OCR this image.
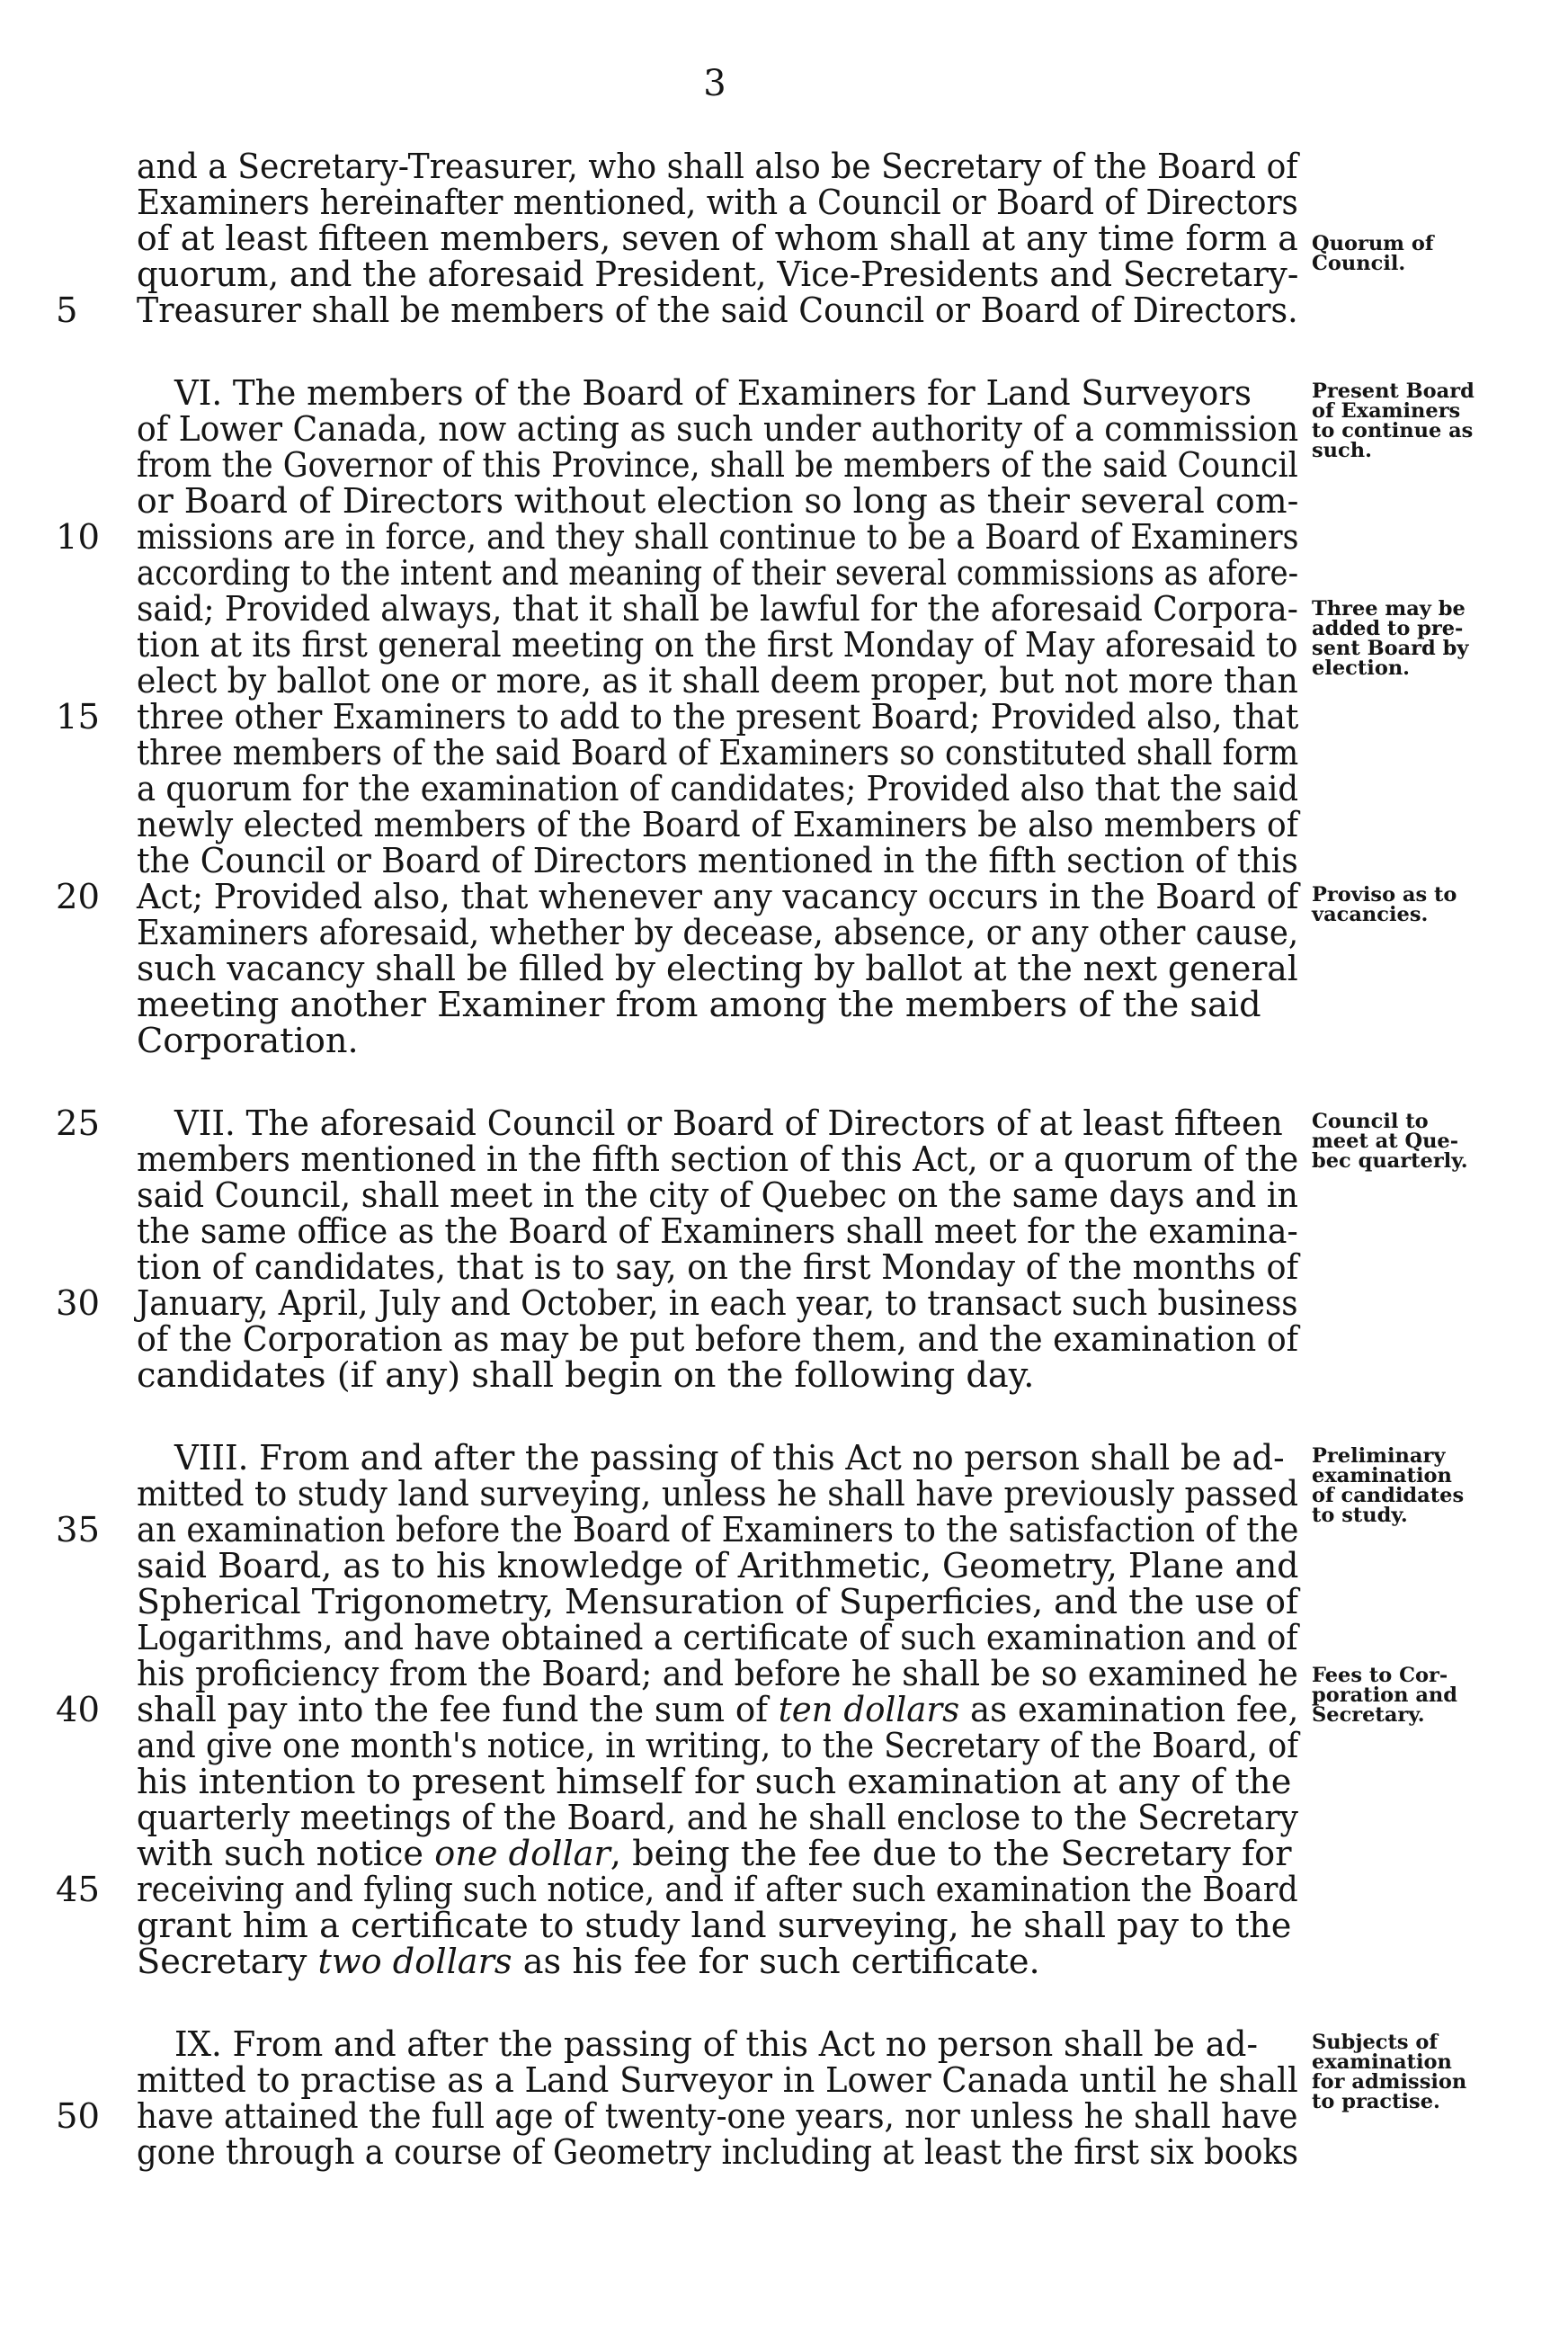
3
and a Secretary-Treasurer, who shall also be Secretary of the Board of
Examiners hereinafter mentioned, with a Council or Board of Directors
of at least fifteen members, seven of whom shall at any time form a
quorum, and the aforesaid President, Vice-Presidents and Secretary-
Treasurer shall be members of the said Council or Board of Directors.
VI. The members of the Board of Examiners for Land Surveyors
of Lower Canada, now acting as such under authority of a commission
from the Governor of this Province, shall be members of the said Council
or Board of Directors without election so long as their several com-
missions are in force, and they shall continue to be a Board of Examiners
according to the intent and meaning of their several commissions as afore-
said; Provided always, that it shall be lawful for the aforesaid Corpora-
tion at its first general meeting on the first Monday of May aforesaid to
elect by ballot one or more, as it shall deem proper, but not more than
three other Examiners to add to the present Board; Provided also, that
three members of the said Board of Examiners so constituted shall form
a quorum for the examination of candidates; Provided also that the said
newly elected members of the Board of Examiners be also members of
the Council or Board of Directors mentioned in the fifth section of this
Act; Provided also, that whenever any vacancy occurs in the Board of
Examiners aforesaid, whether by decease, absence, or any other cause,
such vacancy shall be filled by electing by ballot at the next general
meeting another Examiner from among the members of the said
Corporation.
VII. The aforesaid Council or Board of Directors of at least fifteen
members mentioned in the fifth section of this Act, or a quorum of the
said Council, shall meet in the city of Quebec on the same days and in
the same office as the Board of Examiners shall meet for the examina-
tion of candidates, that is to say, on the first Monday of the months of
January, April, July and October, in each year, to transact such business
of the Corporation as may be put before them, and the examination of
candidates (if any) shall begin on the following day.
VIII. From and after the passing of this Act no person shall be ad-
mitted to study land surveying, unless he shall have previously passed
an examination before the Board of Examiners to the satisfaction of the
said Board, as to his knowledge of Arithmetic, Geometry, Plane and
Spherical Trigonometry, Mensuration of Superficies, and the use of
Logarithms, and have obtained a certificate of such examination and of
his proficiency from the Board; and before he shall be so examined he
shall pay into the fee fund the sum of ten dollars as examination fee,
and give one month's notice, in writing, to the Secretary of the Board, of
his intention to present himself for such examination at any of the
quarterly meetings of the Board, and he shall enclose to the Secretary
with such notice one dollar, being the fee due to the Secretary for
receiving and fyling such notice, and if after such examination the Board
grant him a certificate to study land surveying, he shall pay to the
Secretary two dollars as his fee for such certificate.
IX. From and after the passing of this Act no person shall be ad-
mitted to practise as a Land Surveyor in Lower Canada until he shall
have attained the full age of twenty-one years, nor unless he shall have
gone through a course of Geometry including at least the first six books
5
10
15
20
25
30
35
40
45
50
Quorum of
Council.
Present Board
of Examiners
to continue as
such.
Three may be
added to pre-
sent Board by
election.
Proviso as to
vacancies.
Council to
meet at Que-
bec quarterly.
Preliminary
examination
of candidates
to study.
Fees to Cor-
poration and
Secretary.
Subjects of
examination
for admission
to practise.
